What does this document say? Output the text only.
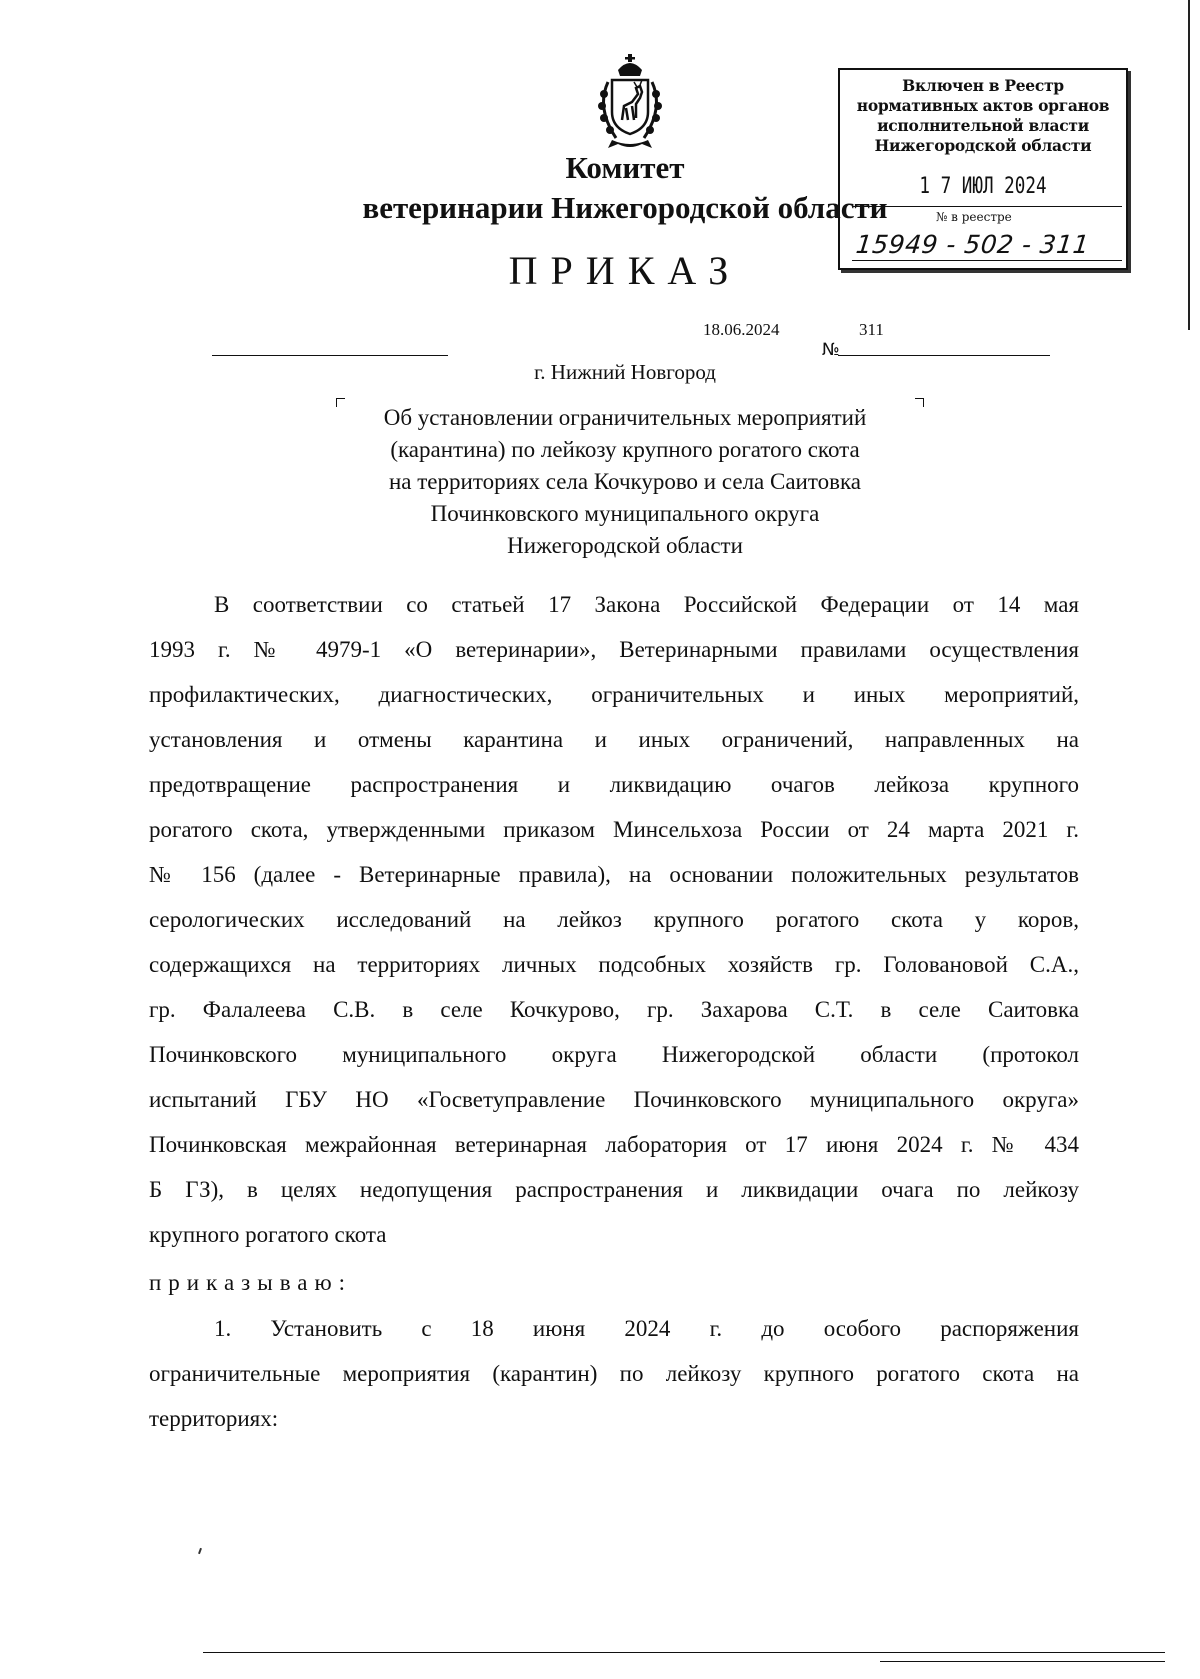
Комитет
ветеринарии Нижегородской области
ПРИКАЗ
Включен в Реестр
нормативных актов органов
исполнительной власти
Нижегородской области
1 7 ИЮЛ 2024
№ в реестре
15949 - 502 - 311
18.06.2024
№
311
г. Нижний Новгород
Об установлении ограничительных мероприятий
(карантина) по лейкозу крупного рогатого скота
на территориях села Кочкурово и села Саитовка
Починковского муниципального округа
Нижегородской области
В соответствии со статьей 17 Закона Российской Федерации от 14 мая
1993 г. № 4979-1 «О ветеринарии», Ветеринарными правилами осуществления
профилактических, диагностических, ограничительных и иных мероприятий,
установления и отмены карантина и иных ограничений, направленных на
предотвращение распространения и ликвидацию очагов лейкоза крупного
рогатого скота, утвержденными приказом Минсельхоза России от 24 марта 2021 г.
№ 156 (далее - Ветеринарные правила), на основании положительных результатов
серологических исследований на лейкоз крупного рогатого скота у коров,
содержащихся на территориях личных подсобных хозяйств гр. Головановой С.А.,
гр. Фалалеева С.В. в селе Кочкурово, гр. Захарова С.Т. в селе Саитовка
Починковского муниципального округа Нижегородской области (протокол
испытаний ГБУ НО «Госветуправление Починковского муниципального округа»
Починковская межрайонная ветеринарная лаборатория от 17 июня 2024 г. № 434
Б ГЗ), в целях недопущения распространения и ликвидации очага по лейкозу
крупного рогатого скота
приказываю:
1. Установить с 18 июня 2024 г. до особого распоряжения
ограничительные мероприятия (карантин) по лейкозу крупного рогатого скота на
территориях:
